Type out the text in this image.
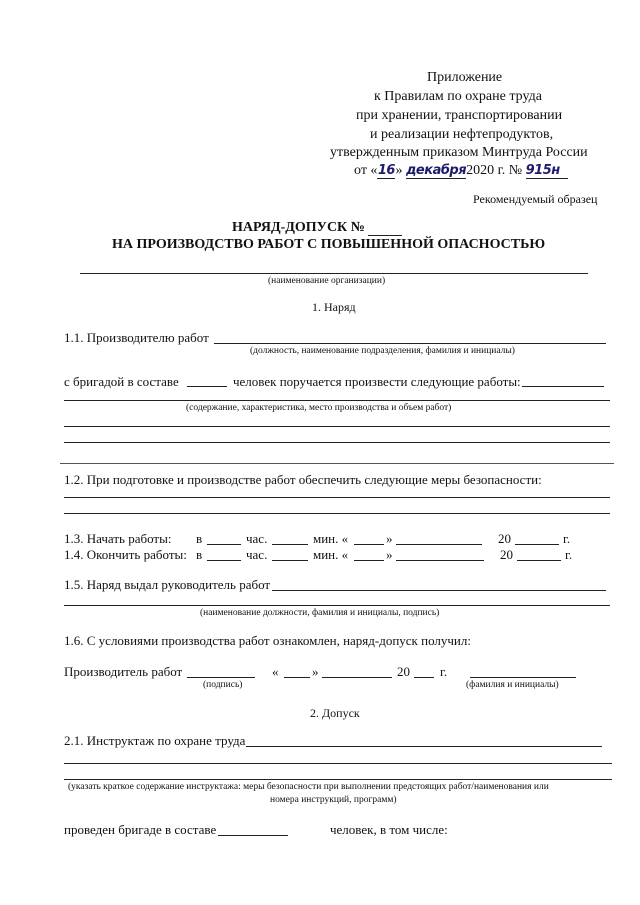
Приложение
к Правилам по охране труда
при хранении, транспортировании
и реализации нефтепродуктов,
утвержденным приказом Минтруда России
от «16» декабря2020 г. № 915н
Рекомендуемый образец
НАРЯД-ДОПУСК №
НА ПРОИЗВОДСТВО РАБОТ С ПОВЫШЕННОЙ ОПАСНОСТЬЮ
(наименование организации)
1. Наряд
1.1. Производителю работ
(должность, наименование подразделения, фамилия и инициалы)
с бригадой в составе	человек поручается произвести следующие работы:
(содержание, характеристика, место производства и объем работ)
1.2. При подготовке и производстве работ обеспечить следующие меры безопасности:
1.3. Начать работы: в	час.	мин. «	»	20	г.
1.4. Окончить работы: в	час.	мин. «	»	20	г.
1.5. Наряд выдал руководитель работ
(наименование должности, фамилия и инициалы, подпись)
1.6. С условиями производства работ ознакомлен, наряд-допуск получил:
Производитель работ	«	»	20 г.
(подпись)	(фамилия и инициалы)
2. Допуск
2.1. Инструктаж по охране труда
(указать краткое содержание инструктажа: меры безопасности при выполнении предстоящих работ/наименования или
номера инструкций, программ)
проведен бригаде в составе	человек, в том числе:
